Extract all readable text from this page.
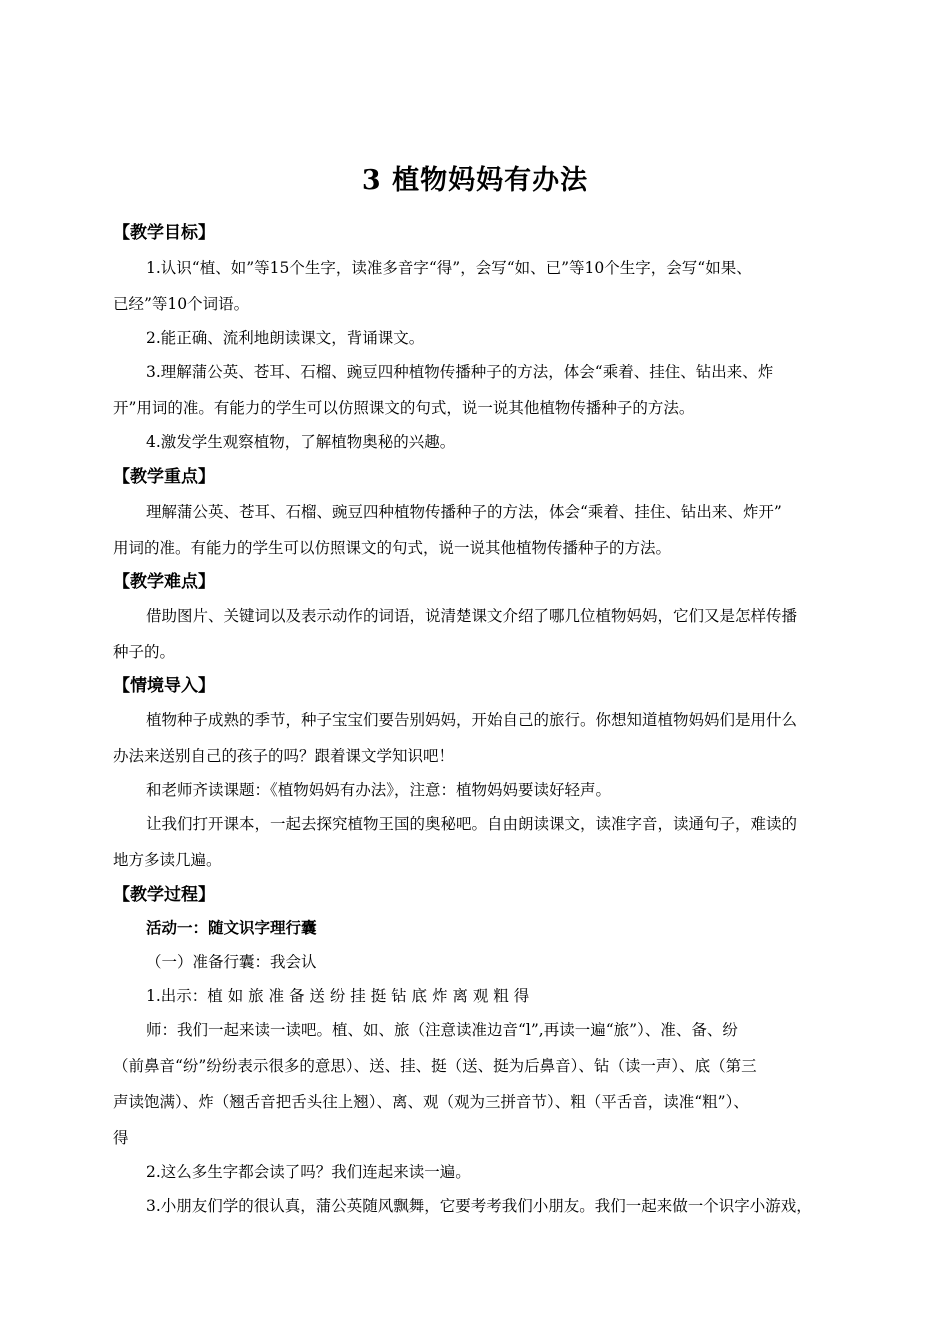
3 植物妈妈有办法
【教学目标】
1.认识“植、如”等15个生字，读准多音字“得”，会写“如、已”等10个生字，会写“如果、
已经”等10个词语。
2.能正确、流利地朗读课文，背诵课文。
3.理解蒲公英、苍耳、石榴、豌豆四种植物传播种子的方法，体会“乘着、挂住、钻出来、炸
开”用词的准。有能力的学生可以仿照课文的句式，说一说其他植物传播种子的方法。
4.激发学生观察植物，了解植物奥秘的兴趣。
【教学重点】
理解蒲公英、苍耳、石榴、豌豆四种植物传播种子的方法，体会“乘着、挂住、钻出来、炸开”
用词的准。有能力的学生可以仿照课文的句式，说一说其他植物传播种子的方法。
【教学难点】
借助图片、关键词以及表示动作的词语，说清楚课文介绍了哪几位植物妈妈，它们又是怎样传播
种子的。
【情境导入】
植物种子成熟的季节，种子宝宝们要告别妈妈，开始自己的旅行。你想知道植物妈妈们是用什么
办法来送别自己的孩子的吗？跟着课文学知识吧！
和老师齐读课题：《植物妈妈有办法》，注意：植物妈妈要读好轻声。
让我们打开课本，一起去探究植物王国的奥秘吧。自由朗读课文，读准字音，读通句子，难读的
地方多读几遍。
【教学过程】
活动一：随文识字理行囊
（一）准备行囊：我会认
1.出示：植 如 旅 准 备 送 纷 挂 挺 钻 底 炸 离 观 粗 得
师：我们一起来读一读吧。植、如、旅（注意读准边音“l”,再读一遍“旅”）、准、备、纷
（前鼻音“纷”纷纷表示很多的意思）、送、挂、挺（送、挺为后鼻音）、钻（读一声）、底（第三
声读饱满）、炸（翘舌音把舌头往上翘）、离、观（观为三拼音节）、粗（平舌音，读准“粗”）、
得
2.这么多生字都会读了吗？我们连起来读一遍。
3.小朋友们学的很认真，蒲公英随风飘舞，它要考考我们小朋友。我们一起来做一个识字小游戏，
